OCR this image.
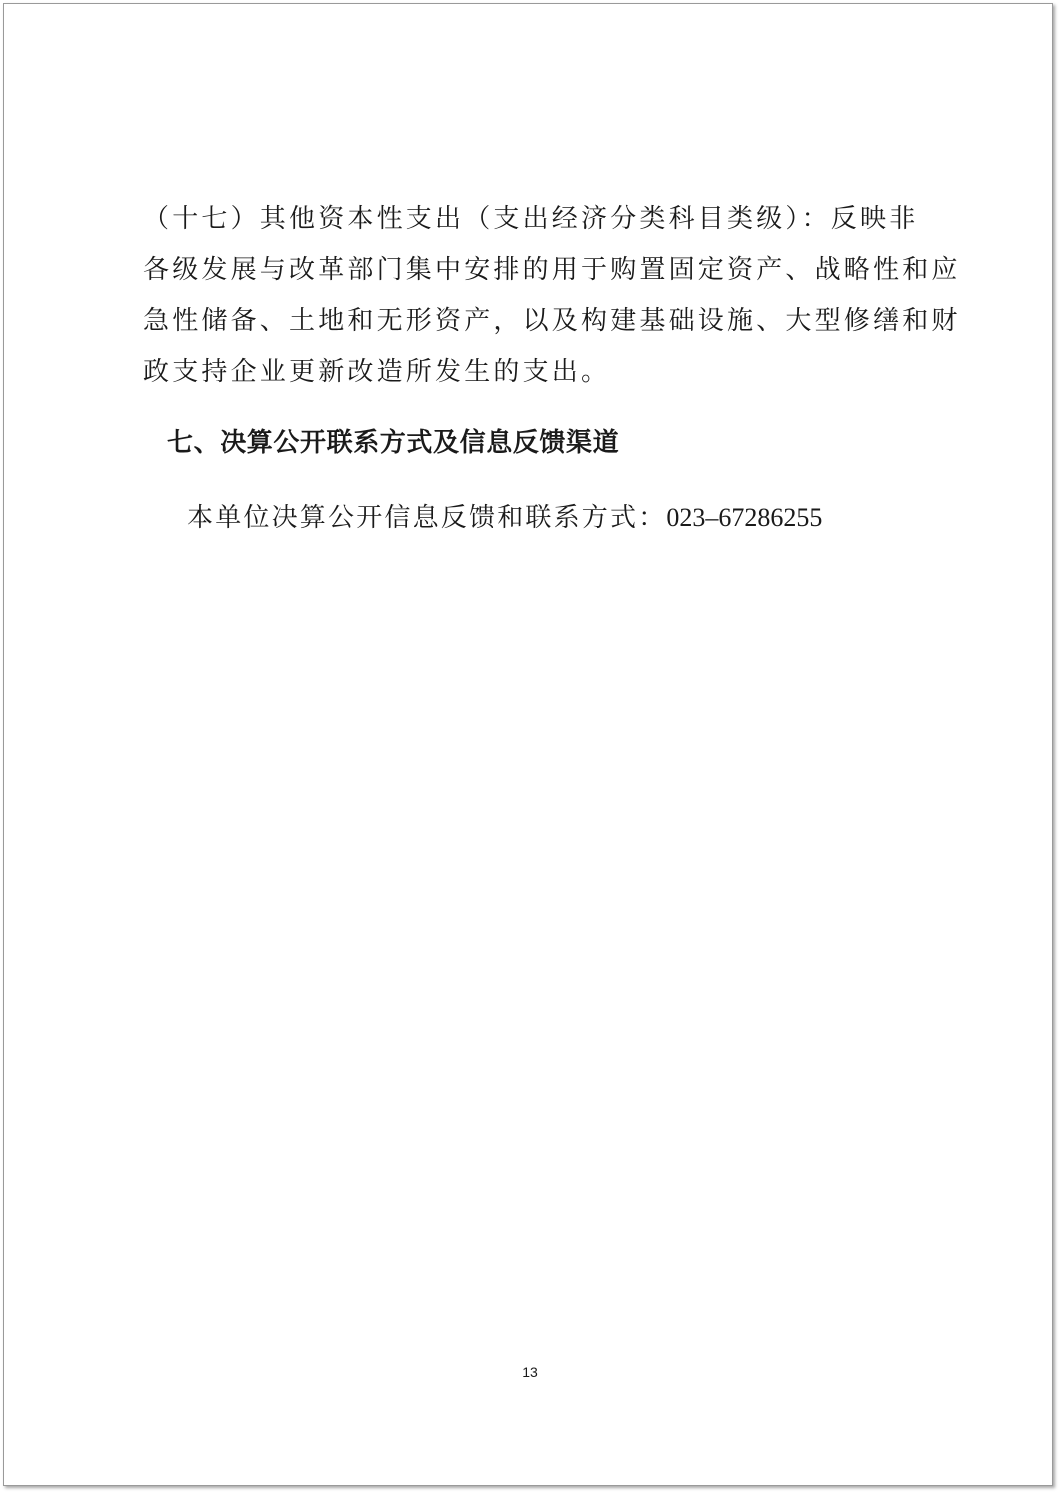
（十七）其他资本性支出（支出经济分类科目类级）：反映非
各级发展与改革部门集中安排的用于购置固定资产、战略性和应
急性储备、土地和无形资产，以及构建基础设施、大型修缮和财
政支持企业更新改造所发生的支出。

七、决算公开联系方式及信息反馈渠道

本单位决算公开信息反馈和联系方式：023–67286255

13
